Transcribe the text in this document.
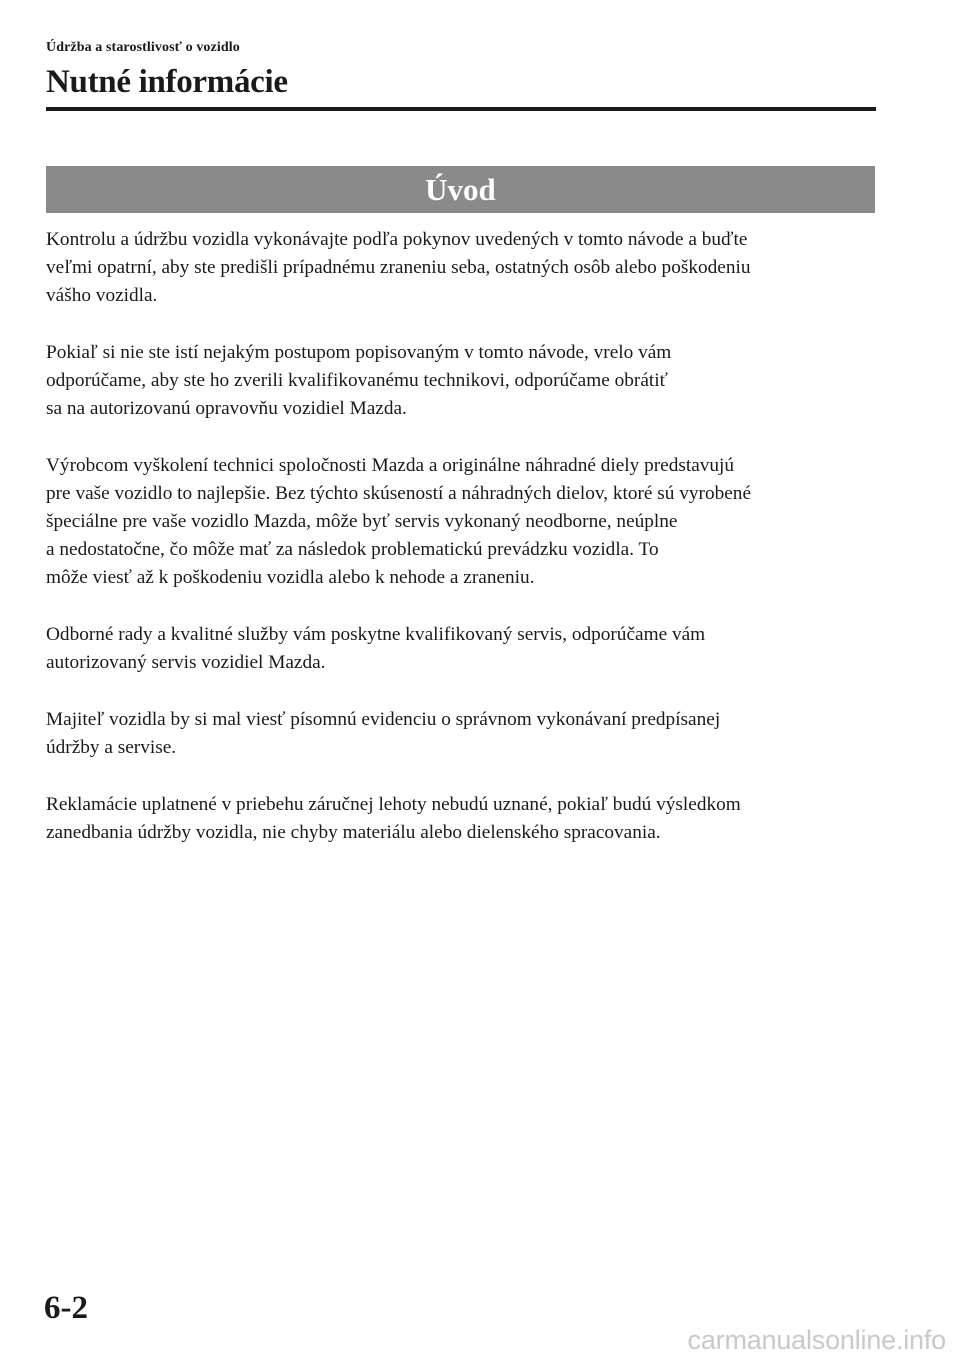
Údržba a starostlivosť o vozidlo
Nutné informácie
Úvod

Kontrolu a údržbu vozidla vykonávajte podľa pokynov uvedených v tomto návode a buďte
veľmi opatrní, aby ste predišli prípadnému zraneniu seba, ostatných osôb alebo poškodeniu
vášho vozidla.

Pokiaľ si nie ste istí nejakým postupom popisovaným v tomto návode, vrelo vám
odporúčame, aby ste ho zverili kvalifikovanému technikovi, odporúčame obrátiť
sa na autorizovanú opravovňu vozidiel Mazda.

Výrobcom vyškolení technici spoločnosti Mazda a originálne náhradné diely predstavujú
pre vaše vozidlo to najlepšie. Bez týchto skúseností a náhradných dielov, ktoré sú vyrobené
špeciálne pre vaše vozidlo Mazda, môže byť servis vykonaný neodborne, neúplne
a nedostatočne, čo môže mať za následok problematickú prevádzku vozidla. To
môže viesť až k poškodeniu vozidla alebo k nehode a zraneniu.

Odborné rady a kvalitné služby vám poskytne kvalifikovaný servis, odporúčame vám
autorizovaný servis vozidiel Mazda.

Majiteľ vozidla by si mal viesť písomnú evidenciu o správnom vykonávaní predpísanej
údržby a servise.

Reklamácie uplatnené v priebehu záručnej lehoty nebudú uznané, pokiaľ budú výsledkom
zanedbania údržby vozidla, nie chyby materiálu alebo dielenského spracovania.

6-2
carmanualsonline.info
